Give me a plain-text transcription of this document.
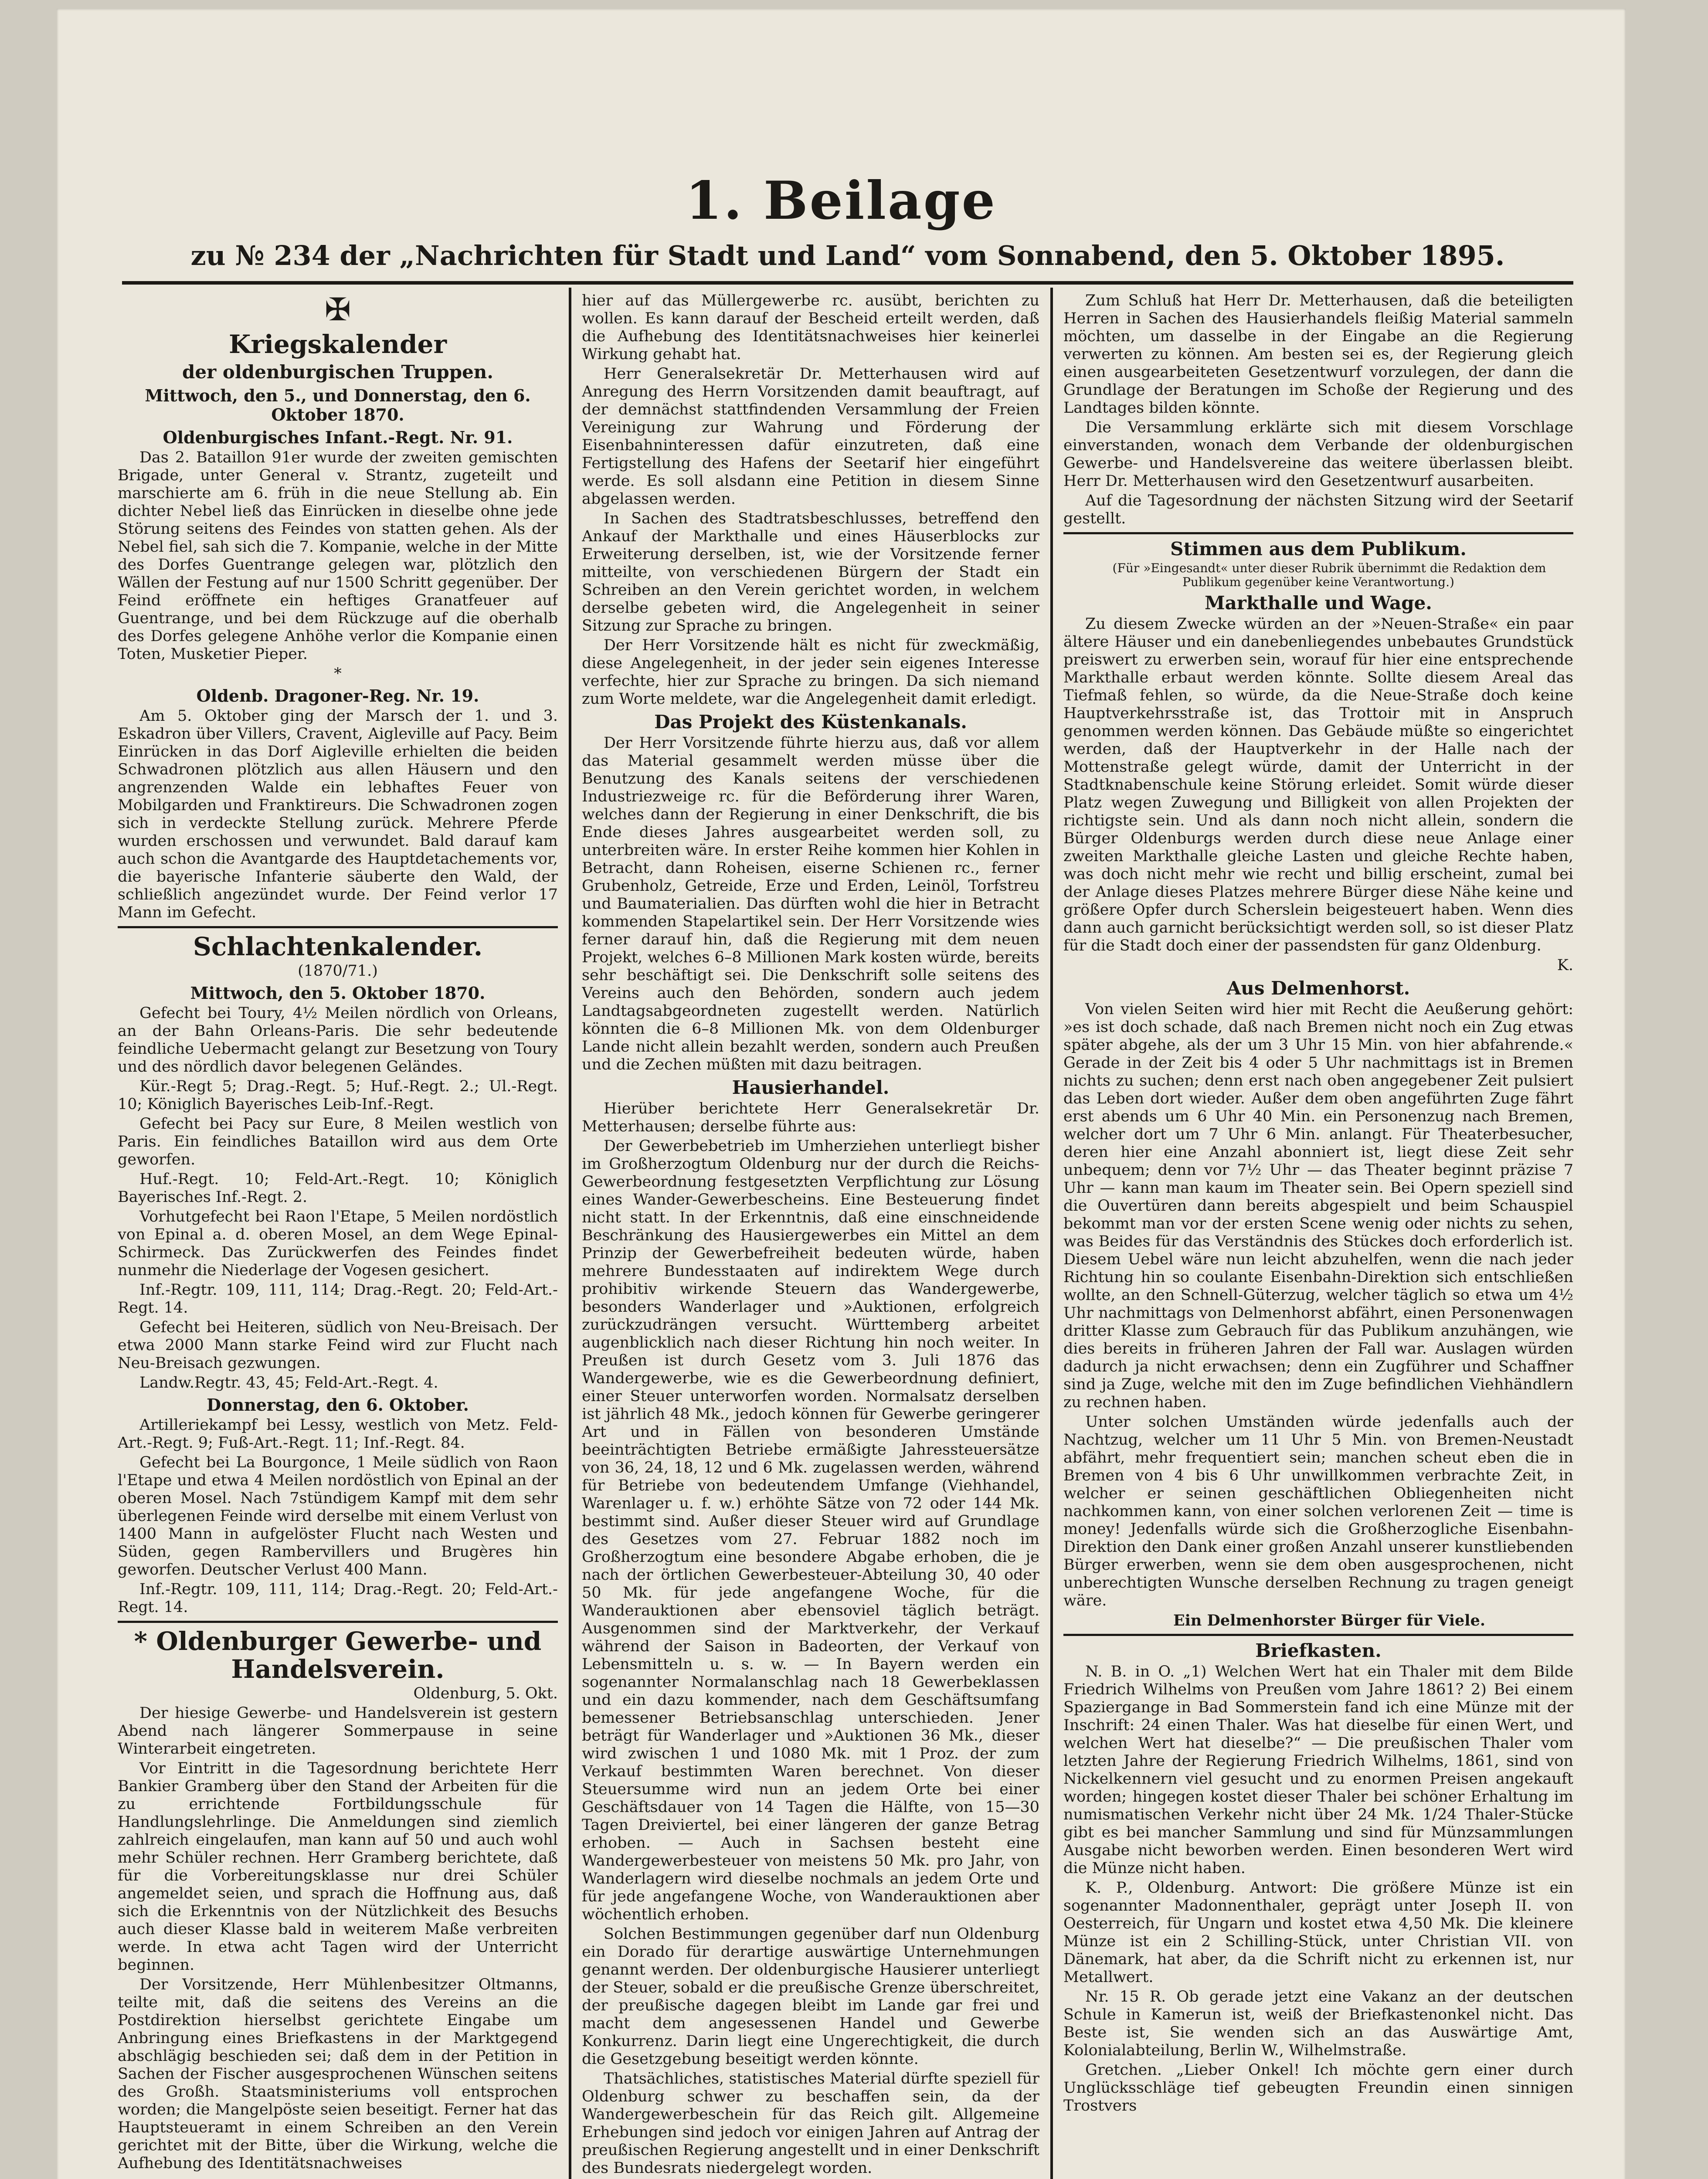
1. Beilage
zu № 234 der „Nachrichten für Stadt und Land“ vom Sonnabend, den 5. Oktober 1895.
✠
Kriegskalender
der oldenburgischen Truppen.
Mittwoch, den 5., und Donnerstag, den 6. Oktober 1870.
Oldenburgisches Infant.-Regt. Nr. 91.

Das 2. Bataillon 91er wurde der zweiten gemischten Brigade, unter General v. Strantz, zugeteilt und marschierte am 6. früh in die neue Stellung ab. Ein dichter Nebel ließ das Einrücken in dieselbe ohne jede Störung seitens des Feindes von statten gehen. Als der Nebel fiel, sah sich die 7. Kompanie, welche in der Mitte des Dorfes Guentrange gelegen war, plötzlich den Wällen der Festung auf nur 1500 Schritt gegenüber. Der Feind eröffnete ein heftiges Granatfeuer auf Guentrange, und bei dem Rückzuge auf die oberhalb des Dorfes gelegene Anhöhe verlor die Kompanie einen Toten, Musketier Pieper.

*

Oldenb. Dragoner-Reg. Nr. 19.

Am 5. Oktober ging der Marsch der 1. und 3. Eskadron über Villers, Cravent, Aigleville auf Pacy. Beim Einrücken in das Dorf Aigleville erhielten die beiden Schwadronen plötzlich aus allen Häusern und den angrenzenden Walde ein lebhaftes Feuer von Mobilgarden und Franktireurs. Die Schwadronen zogen sich in verdeckte Stellung zurück. Mehrere Pferde wurden erschossen und verwundet. Bald darauf kam auch schon die Avantgarde des Hauptdetachements vor, die bayerische Infanterie säuberte den Wald, der schließlich angezündet wurde. Der Feind verlor 17 Mann im Gefecht.

Schlachtenkalender.

(1870/71.)

Mittwoch, den 5. Oktober 1870.

Gefecht bei Toury, 4½ Meilen nördlich von Orleans, an der Bahn Orleans-Paris. Die sehr bedeutende feindliche Uebermacht gelangt zur Besetzung von Toury und des nördlich davor belegenen Geländes.

Kür.-Regt 5; Drag.-Regt. 5; Huf.-Regt. 2.; Ul.-Regt. 10; Königlich Bayerisches Leib-Inf.-Regt.

Gefecht bei Pacy sur Eure, 8 Meilen westlich von Paris. Ein feindliches Bataillon wird aus dem Orte geworfen.

Huf.-Regt. 10; Feld-Art.-Regt. 10; Königlich Bayerisches Inf.-Regt. 2.

Vorhutgefecht bei Raon l'Etape, 5 Meilen nordöstlich von Epinal a. d. oberen Mosel, an dem Wege Epinal-Schirmeck. Das Zurückwerfen des Feindes findet nunmehr die Niederlage der Vogesen gesichert.

Inf.-Regtr. 109, 111, 114; Drag.-Regt. 20; Feld-Art.-Regt. 14.

Gefecht bei Heiteren, südlich von Neu-Breisach. Der etwa 2000 Mann starke Feind wird zur Flucht nach Neu-Breisach gezwungen.

Landw.Regtr. 43, 45; Feld-Art.-Regt. 4.

Donnerstag, den 6. Oktober.

Artilleriekampf bei Lessy, westlich von Metz. Feld-Art.-Regt. 9; Fuß-Art.-Regt. 11; Inf.-Regt. 84.

Gefecht bei La Bourgonce, 1 Meile südlich von Raon l'Etape und etwa 4 Meilen nordöstlich von Epinal an der oberen Mosel. Nach 7stündigem Kampf mit dem sehr überlegenen Feinde wird derselbe mit einem Verlust von 1400 Mann in aufgelöster Flucht nach Westen und Süden, gegen Rambervillers und Brugères hin geworfen. Deutscher Verlust 400 Mann.

Inf.-Regtr. 109, 111, 114; Drag.-Regt. 20; Feld-Art.-Regt. 14.

* Oldenburger Gewerbe- und Handelsverein.

Oldenburg, 5. Okt.

Der hiesige Gewerbe- und Handelsverein ist gestern Abend nach längerer Sommerpause in seine Winterarbeit eingetreten.

Vor Eintritt in die Tagesordnung berichtete Herr Bankier Gramberg über den Stand der Arbeiten für die zu errichtende Fortbildungsschule für Handlungslehrlinge. Die Anmeldungen sind ziemlich zahlreich eingelaufen, man kann auf 50 und auch wohl mehr Schüler rechnen. Herr Gramberg berichtete, daß für die Vorbereitungsklasse nur drei Schüler angemeldet seien, und sprach die Hoffnung aus, daß sich die Erkenntnis von der Nützlichkeit des Besuchs auch dieser Klasse bald in weiterem Maße verbreiten werde. In etwa acht Tagen wird der Unterricht beginnen.

Der Vorsitzende, Herr Mühlenbesitzer Oltmanns, teilte mit, daß die seitens des Vereins an die Postdirektion hierselbst gerichtete Eingabe um Anbringung eines Briefkastens in der Marktgegend abschlägig beschieden sei; daß dem in der Petition in Sachen der Fischer ausgesprochenen Wünschen seitens des Großh. Staatsministeriums voll entsprochen worden; die Mangelpöste seien beseitigt. Ferner hat das Hauptsteueramt in einem Schreiben an den Verein gerichtet mit der Bitte, über die Wirkung, welche die Aufhebung des Identitätsnachweises

hier auf das Müllergewerbe rc. ausübt, berichten zu wollen. Es kann darauf der Bescheid erteilt werden, daß die Aufhebung des Identitätsnachweises hier keinerlei Wirkung gehabt hat.

Herr Generalsekretär Dr. Metterhausen wird auf Anregung des Herrn Vorsitzenden damit beauftragt, auf der demnächst stattfindenden Versammlung der Freien Vereinigung zur Wahrung und Förderung der Eisenbahninteressen dafür einzutreten, daß eine Fertigstellung des Hafens der Seetarif hier eingeführt werde. Es soll alsdann eine Petition in diesem Sinne abgelassen werden.

In Sachen des Stadtratsbeschlusses, betreffend den Ankauf der Markthalle und eines Häuserblocks zur Erweiterung derselben, ist, wie der Vorsitzende ferner mitteilte, von verschiedenen Bürgern der Stadt ein Schreiben an den Verein gerichtet worden, in welchem derselbe gebeten wird, die Angelegenheit in seiner Sitzung zur Sprache zu bringen.

Der Herr Vorsitzende hält es nicht für zweckmäßig, diese Angelegenheit, in der jeder sein eigenes Interesse verfechte, hier zur Sprache zu bringen. Da sich niemand zum Worte meldete, war die Angelegenheit damit erledigt.

Das Projekt des Küstenkanals.

Der Herr Vorsitzende führte hierzu aus, daß vor allem das Material gesammelt werden müsse über die Benutzung des Kanals seitens der verschiedenen Industriezweige rc. für die Beförderung ihrer Waren, welches dann der Regierung in einer Denkschrift, die bis Ende dieses Jahres ausgearbeitet werden soll, zu unterbreiten wäre. In erster Reihe kommen hier Kohlen in Betracht, dann Roheisen, eiserne Schienen rc., ferner Grubenholz, Getreide, Erze und Erden, Leinöl, Torfstreu und Baumaterialien. Das dürften wohl die hier in Betracht kommenden Stapelartikel sein. Der Herr Vorsitzende wies ferner darauf hin, daß die Regierung mit dem neuen Projekt, welches 6–8 Millionen Mark kosten würde, bereits sehr beschäftigt sei. Die Denkschrift solle seitens des Vereins auch den Behörden, sondern auch jedem Landtagsabgeordneten zugestellt werden. Natürlich könnten die 6–8 Millionen Mk. von dem Oldenburger Lande nicht allein bezahlt werden, sondern auch Preußen und die Zechen müßten mit dazu beitragen.

Hausierhandel.

Hierüber berichtete Herr Generalsekretär Dr. Metterhausen; derselbe führte aus:

Der Gewerbebetrieb im Umherziehen unterliegt bisher im Großherzogtum Oldenburg nur der durch die Reichs-Gewerbeordnung festgesetzten Verpflichtung zur Lösung eines Wander-Gewerbescheins. Eine Besteuerung findet nicht statt. In der Erkenntnis, daß eine einschneidende Beschränkung des Hausiergewerbes ein Mittel an dem Prinzip der Gewerbefreiheit bedeuten würde, haben mehrere Bundesstaaten auf indirektem Wege durch prohibitiv wirkende Steuern das Wandergewerbe, besonders Wanderlager und »Auktionen, erfolgreich zurückzudrängen versucht. Württemberg arbeitet augenblicklich nach dieser Richtung hin noch weiter. In Preußen ist durch Gesetz vom 3. Juli 1876 das Wandergewerbe, wie es die Gewerbeordnung definiert, einer Steuer unterworfen worden. Normalsatz derselben ist jährlich 48 Mk., jedoch können für Gewerbe geringerer Art und in Fällen von besonderen Umstände beeinträchtigten Betriebe ermäßigte Jahressteuersätze von 36, 24, 18, 12 und 6 Mk. zugelassen werden, während für Betriebe von bedeutendem Umfange (Viehhandel, Warenlager u. f. w.) erhöhte Sätze von 72 oder 144 Mk. bestimmt sind. Außer dieser Steuer wird auf Grundlage des Gesetzes vom 27. Februar 1882 noch im Großherzogtum eine besondere Abgabe erhoben, die je nach der örtlichen Gewerbesteuer-Abteilung 30, 40 oder 50 Mk. für jede angefangene Woche, für die Wanderauktionen aber ebensoviel täglich beträgt. Ausgenommen sind der Marktverkehr, der Verkauf während der Saison in Badeorten, der Verkauf von Lebensmitteln u. s. w. — In Bayern werden ein sogenannter Normalanschlag nach 18 Gewerbeklassen und ein dazu kommender, nach dem Geschäftsumfang bemessener Betriebsanschlag unterschieden. Jener beträgt für Wanderlager und »Auktionen 36 Mk., dieser wird zwischen 1 und 1080 Mk. mit 1 Proz. der zum Verkauf bestimmten Waren berechnet. Von dieser Steuersumme wird nun an jedem Orte bei einer Geschäftsdauer von 14 Tagen die Hälfte, von 15—30 Tagen Dreiviertel, bei einer längeren der ganze Betrag erhoben. — Auch in Sachsen besteht eine Wandergewerbesteuer von meistens 50 Mk. pro Jahr, von Wanderlagern wird dieselbe nochmals an jedem Orte und für jede angefangene Woche, von Wanderauktionen aber wöchentlich erhoben.

Solchen Bestimmungen gegenüber darf nun Oldenburg ein Dorado für derartige auswärtige Unternehmungen genannt werden. Der oldenburgische Hausierer unterliegt der Steuer, sobald er die preußische Grenze überschreitet, der preußische dagegen bleibt im Lande gar frei und macht dem angesessenen Handel und Gewerbe Konkurrenz. Darin liegt eine Ungerechtigkeit, die durch die Gesetzgebung beseitigt werden könnte.

Thatsächliches, statistisches Material dürfte speziell für Oldenburg schwer zu beschaffen sein, da der Wandergewerbeschein für das Reich gilt. Allgemeine Erhebungen sind jedoch vor einigen Jahren auf Antrag der preußischen Regierung angestellt und in einer Denkschrift des Bundesrats niedergelegt worden.

Zum Schluß hat Herr Dr. Metterhausen, daß die beteiligten Herren in Sachen des Hausierhandels fleißig Material sammeln möchten, um dasselbe in der Eingabe an die Regierung verwerten zu können. Am besten sei es, der Regierung gleich einen ausgearbeiteten Gesetzentwurf vorzulegen, der dann die Grundlage der Beratungen im Schoße der Regierung und des Landtages bilden könnte.

Die Versammlung erklärte sich mit diesem Vorschlage einverstanden, wonach dem Verbande der oldenburgischen Gewerbe- und Handelsvereine das weitere überlassen bleibt. Herr Dr. Metterhausen wird den Gesetzentwurf ausarbeiten.

Auf die Tagesordnung der nächsten Sitzung wird der Seetarif gestellt.

Stimmen aus dem Publikum.

(Für »Eingesandt« unter dieser Rubrik übernimmt die Redaktion dem Publikum gegenüber keine Verantwortung.)

Markthalle und Wage.

Zu diesem Zwecke würden an der »Neuen-Straße« ein paar ältere Häuser und ein danebenliegendes unbebautes Grundstück preiswert zu erwerben sein, worauf für hier eine entsprechende Markthalle erbaut werden könnte. Sollte diesem Areal das Tiefmaß fehlen, so würde, da die Neue-Straße doch keine Hauptverkehrsstraße ist, das Trottoir mit in Anspruch genommen werden können. Das Gebäude müßte so eingerichtet werden, daß der Hauptverkehr in der Halle nach der Mottenstraße gelegt würde, damit der Unterricht in der Stadtknabenschule keine Störung erleidet. Somit würde dieser Platz wegen Zuwegung und Billigkeit von allen Projekten der richtigste sein. Und als dann noch nicht allein, sondern die Bürger Oldenburgs werden durch diese neue Anlage einer zweiten Markthalle gleiche Lasten und gleiche Rechte haben, was doch nicht mehr wie recht und billig erscheint, zumal bei der Anlage dieses Platzes mehrere Bürger diese Nähe keine und größere Opfer durch Scherslein beigesteuert haben. Wenn dies dann auch garnicht berücksichtigt werden soll, so ist dieser Platz für die Stadt doch einer der passendsten für ganz Oldenburg.

K.

Aus Delmenhorst.

Von vielen Seiten wird hier mit Recht die Aeußerung gehört: »es ist doch schade, daß nach Bremen nicht noch ein Zug etwas später abgehe, als der um 3 Uhr 15 Min. von hier abfahrende.« Gerade in der Zeit bis 4 oder 5 Uhr nachmittags ist in Bremen nichts zu suchen; denn erst nach oben angegebener Zeit pulsiert das Leben dort wieder. Außer dem oben angeführten Zuge fährt erst abends um 6 Uhr 40 Min. ein Personenzug nach Bremen, welcher dort um 7 Uhr 6 Min. anlangt. Für Theaterbesucher, deren hier eine Anzahl abonniert ist, liegt diese Zeit sehr unbequem; denn vor 7½ Uhr — das Theater beginnt präzise 7 Uhr — kann man kaum im Theater sein. Bei Opern speziell sind die Ouvertüren dann bereits abgespielt und beim Schauspiel bekommt man vor der ersten Scene wenig oder nichts zu sehen, was Beides für das Verständnis des Stückes doch erforderlich ist. Diesem Uebel wäre nun leicht abzuhelfen, wenn die nach jeder Richtung hin so coulante Eisenbahn-Direktion sich entschließen wollte, an den Schnell-Güterzug, welcher täglich so etwa um 4½ Uhr nachmittags von Delmenhorst abfährt, einen Personenwagen dritter Klasse zum Gebrauch für das Publikum anzuhängen, wie dies bereits in früheren Jahren der Fall war. Auslagen würden dadurch ja nicht erwachsen; denn ein Zugführer und Schaffner sind ja Zuge, welche mit den im Zuge befindlichen Viehhändlern zu rechnen haben.

Unter solchen Umständen würde jedenfalls auch der Nachtzug, welcher um 11 Uhr 5 Min. von Bremen-Neustadt abfährt, mehr frequentiert sein; manchen scheut eben die in Bremen von 4 bis 6 Uhr unwillkommen verbrachte Zeit, in welcher er seinen geschäftlichen Obliegenheiten nicht nachkommen kann, von einer solchen verlorenen Zeit — time is money! Jedenfalls würde sich die Großherzogliche Eisenbahn-Direktion den Dank einer großen Anzahl unserer kunstliebenden Bürger erwerben, wenn sie dem oben ausgesprochenen, nicht unberechtigten Wunsche derselben Rechnung zu tragen geneigt wäre.

Ein Delmenhorster Bürger für Viele.

Briefkasten.

N. B. in O. „1) Welchen Wert hat ein Thaler mit dem Bilde Friedrich Wilhelms von Preußen vom Jahre 1861? 2) Bei einem Spaziergange in Bad Sommerstein fand ich eine Münze mit der Inschrift: 24 einen Thaler. Was hat dieselbe für einen Wert, und welchen Wert hat dieselbe?“ — Die preußischen Thaler vom letzten Jahre der Regierung Friedrich Wilhelms, 1861, sind von Nickelkennern viel gesucht und zu enormen Preisen angekauft worden; hingegen kostet dieser Thaler bei schöner Erhaltung im numismatischen Verkehr nicht über 24 Mk. 1/24 Thaler-Stücke gibt es bei mancher Sammlung und sind für Münzsammlungen Ausgabe nicht beworben werden. Einen besonderen Wert wird die Münze nicht haben.

K. P., Oldenburg. Antwort: Die größere Münze ist ein sogenannter Madonnenthaler, geprägt unter Joseph II. von Oesterreich, für Ungarn und kostet etwa 4,50 Mk. Die kleinere Münze ist ein 2 Schilling-Stück, unter Christian VII. von Dänemark, hat aber, da die Schrift nicht zu erkennen ist, nur Metallwert.

Nr. 15 R. Ob gerade jetzt eine Vakanz an der deutschen Schule in Kamerun ist, weiß der Briefkastenonkel nicht. Das Beste ist, Sie wenden sich an das Auswärtige Amt, Kolonialabteilung, Berlin W., Wilhelmstraße.

Gretchen. „Lieber Onkel! Ich möchte gern einer durch Unglücksschläge tief gebeugten Freundin einen sinnigen Trostvers
